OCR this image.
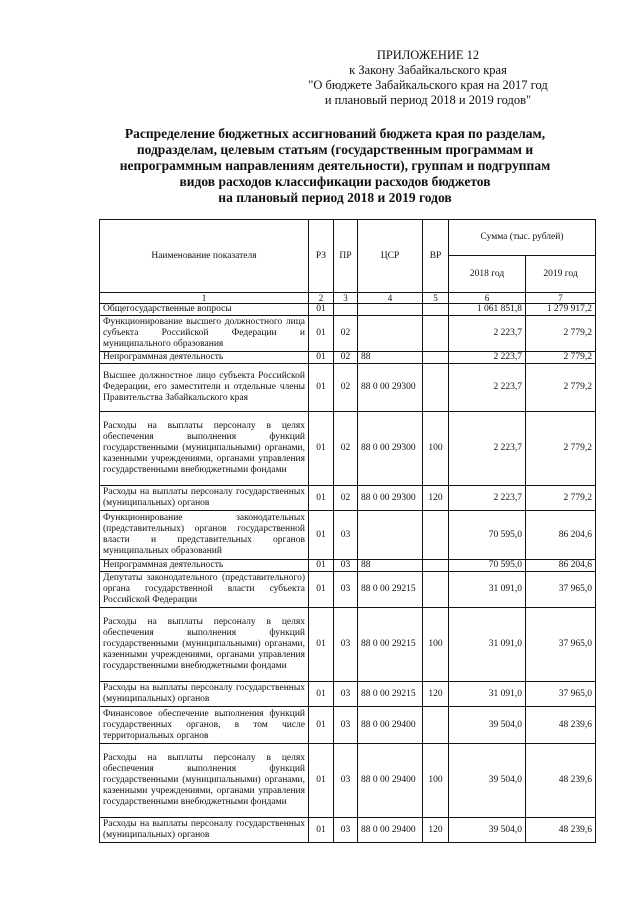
ПРИЛОЖЕНИЕ 12
к Закону Забайкальского края
"О бюджете Забайкальского края на 2017 год
и плановый период 2018 и 2019 годов"
Распределение бюджетных ассигнований бюджета края по разделам,
подразделам, целевым статьям (государственным программам и
непрограммным направлениям деятельности), группам и подгруппам
видов расходов классификации расходов бюджетов
на плановый период 2018 и 2019 годов
Наименование показателя	РЗ	ПР	ЦСР	ВР	Сумма (тыс. рублей)	
					2018 год	2019 год
1	2	3	4	5	6	7
Общегосударственные вопросы	01				1 061 851,8	1 279 917,2
Функционирование высшего должностного лица субъекта Российской Федерации и муниципального образования	01	02			2 223,7	2 779,2
Непрограммная деятельность	01	02	88		2 223,7	2 779,2
Высшее должностное лицо субъекта Российской Федерации, его заместители и отдельные члены Правительства Забайкальского края	01	02	88 0 00 29300		2 223,7	2 779,2
Расходы на выплаты персоналу в целях обеспечения выполнения функций государственными (муниципальными) органами, казенными учреждениями, органами управления государственными внебюджетными фондами	01	02	88 0 00 29300	100	2 223,7	2 779,2
Расходы на выплаты персоналу государственных (муниципальных) органов	01	02	88 0 00 29300	120	2 223,7	2 779,2
Функционирование законодательных (представительных) органов государственной власти и представительных органов муниципальных образований	01	03			70 595,0	86 204,6
Непрограммная деятельность	01	03	88		70 595,0	86 204,6
Депутаты законодательного (представительного) органа государственной власти субъекта Российской Федерации	01	03	88 0 00 29215		31 091,0	37 965,0
Расходы на выплаты персоналу в целях обеспечения выполнения функций государственными (муниципальными) органами, казенными учреждениями, органами управления государственными внебюджетными фондами	01	03	88 0 00 29215	100	31 091,0	37 965,0
Расходы на выплаты персоналу государственных (муниципальных) органов	01	03	88 0 00 29215	120	31 091,0	37 965,0
Финансовое обеспечение выполнения функций государственных органов, в том числе территориальных органов	01	03	88 0 00 29400		39 504,0	48 239,6
Расходы на выплаты персоналу в целях обеспечения выполнения функций государственными (муниципальными) органами, казенными учреждениями, органами управления государственными внебюджетными фондами	01	03	88 0 00 29400	100	39 504,0	48 239,6
Расходы на выплаты персоналу государственных (муниципальных) органов	01	03	88 0 00 29400	120	39 504,0	48 239,6
